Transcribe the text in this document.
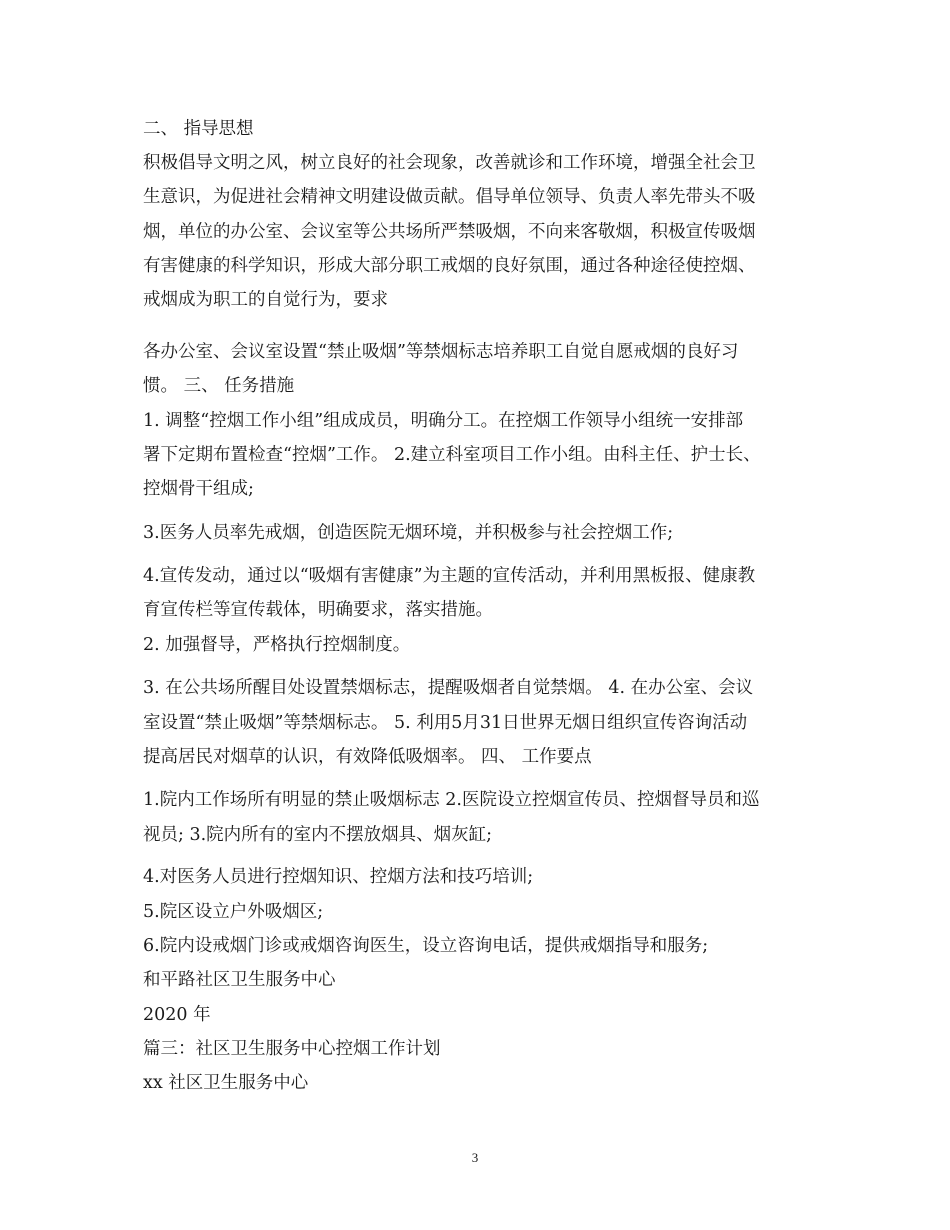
二、 指导思想
积极倡导文明之风，树立良好的社会现象，改善就诊和工作环境，增强全社会卫
生意识，为促进社会精神文明建设做贡献。倡导单位领导、负责人率先带头不吸
烟，单位的办公室、会议室等公共场所严禁吸烟，不向来客敬烟，积极宣传吸烟
有害健康的科学知识，形成大部分职工戒烟的良好氛围，通过各种途径使控烟、
戒烟成为职工的自觉行为，要求
各办公室、会议室设置“禁止吸烟”等禁烟标志培养职工自觉自愿戒烟的良好习
惯。 三、 任务措施
1. 调整“控烟工作小组”组成成员，明确分工。在控烟工作领导小组统一安排部
署下定期布置检查“控烟”工作。 2.建立科室项目工作小组。由科主任、护士长、
控烟骨干组成;
3.医务人员率先戒烟，创造医院无烟环境，并积极参与社会控烟工作;
4.宣传发动，通过以“吸烟有害健康”为主题的宣传活动，并利用黑板报、健康教
育宣传栏等宣传载体，明确要求，落实措施。
2. 加强督导，严格执行控烟制度。
3. 在公共场所醒目处设置禁烟标志，提醒吸烟者自觉禁烟。 4. 在办公室、会议
室设置“禁止吸烟”等禁烟标志。 5. 利用5月31日世界无烟日组织宣传咨询活动
提高居民对烟草的认识，有效降低吸烟率。 四、 工作要点
1.院内工作场所有明显的禁止吸烟标志 2.医院设立控烟宣传员、控烟督导员和巡
视员; 3.院内所有的室内不摆放烟具、烟灰缸;
4.对医务人员进行控烟知识、控烟方法和技巧培训;
5.院区设立户外吸烟区;
6.院内设戒烟门诊或戒烟咨询医生，设立咨询电话，提供戒烟指导和服务;
和平路社区卫生服务中心
2020 年
篇三：社区卫生服务中心控烟工作计划
xx 社区卫生服务中心
3
